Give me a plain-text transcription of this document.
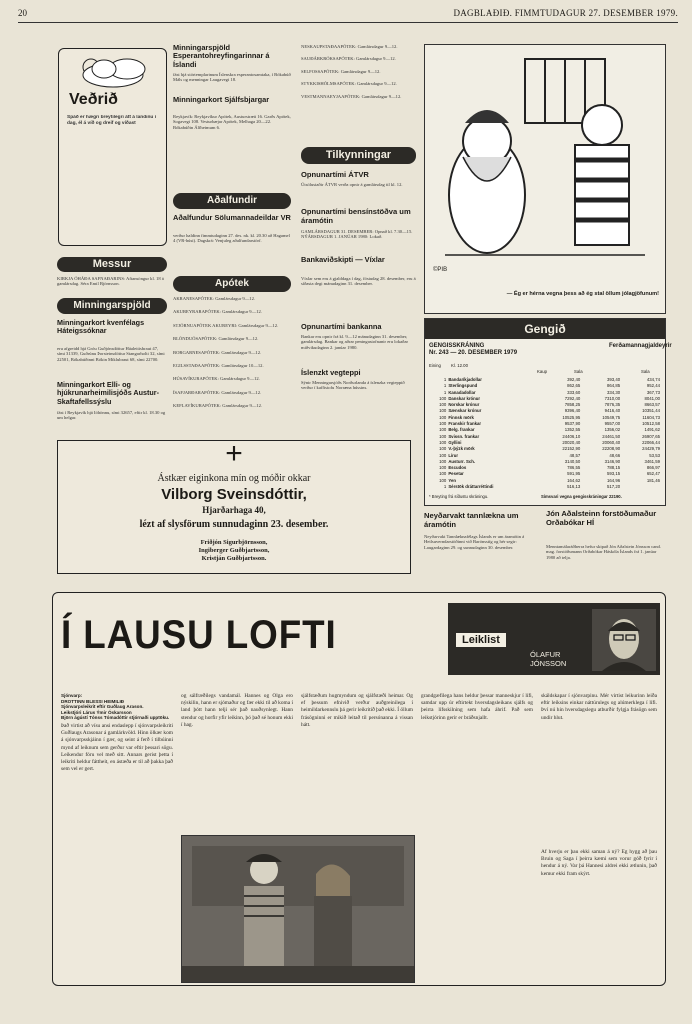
20	DAGBLAÐIÐ. FIMMTUDAGUR 27. DESEMBER 1979.
Veðrið
Spáð er hægri breytilegri átt á landinu í dag, él á víð og dreif og víðast
Messur
KIRKJA ÓHÁÐA SAFNAÐARINS: Aftansöngur kl. 18 á gamlársdag. Séra Emil Björnsson.
Minningarspjöld
Minningarkort kvenfélags Háteigssóknar
eru afgreidd hjá Gróu Guðjónsdóttur Háaleitisbraut 47, sími 31339, Guðrúnu Þorsteinsdóttur Stangarholti 32, sími 22501, Bókabúðinni Bókin Miklubraut 68, sími 22700.
Minningarkort Elli- og hjúkrunarheimilisjóðs Austur-Skaftafellssýslu
fást í Reykjavík hjá Ióhönnu, sími 32657, eftir kl. 18.30 og um helgar.
Minningarspjöld Esperantohreyfingarinnar á Íslandi
fást hjá stórtemplarinum Íslenskra esperantosamtaka, í Bókabúð Máls og menningar Laugavegi 18.
Minningarkort Sjálfsbjargar
Reykjavík: Reykjavíkur Apótek, Austurstræti 16. Garðs Apótek, Sogavegi 108. Vesturbæjar Apótek, Melhaga 20—22. Bókabúðin Álfheimum 6.
Aðalfundir
Aðalfundur Sölumannadeildar VR
verður haldinn fimmtudaginn 27. des. nk. kl. 20.30 að Hagamel 4 (VR-húsi). Dagskrá: Venjuleg aðalfundarstörf.
Apótek
AKRANESAPÓTEK: Gamlársdagur 9—12.
AKUREYRARAPÓTEK: Gamlársdagur 9—12.
STJÖRNUAPÓTEK AKUREYRI: Gamlársdagur 9—12.
BLÖNDUÓSAPÓTEK: Gamlársdagur 9—12.
BORGARNESAPÓTEK: Gamlársdagur 9—12.
EGILSSTAÐAAPÓTEK: Gamlársdagur 10—12.
HÚSAVÍKURAPÓTEK: Gamlársdagur 9—12.
ÍSAFJARÐARAPÓTEK: Gamlársdagur 9—12.
KEFLAVÍKURAPÓTEK: Gamlársdagur 9—12.
+
Ástkær eiginkona mín og móðir okkar
Vilborg Sveinsdóttir,
Hjarðarhaga 40,
lézt af slysförum sunnudaginn 23. desember.
Friðjón Sigurbjörnsson,
Ingiberger Guðbjartsson,
Kristján Guðbjartsson.
NESKAUPSTAÐAAPÓTEK: Gamlársdagur 9—12.
SAUÐÁRKRÓKSAPÓTEK: Gamlársdagur 9—12.
SELFOSSAPÓTEK: Gamlársdagur 9—12.
STYKKISHÓLMSAPÓTEK: Gamlársdagur 9—12.
VESTMANNAEYJAAPÓTEK: Gamlársdagur 9—12.
Tilkynningar
Opnunartími ÁTVR
Útsölustaðir ÁTVR verða opnir á gamlársdag til kl. 12.
Opnunartími bensínstöðva um áramótin
GAMLÁRSDAGUR 31. DESEMBER: Opnað kl. 7.30—15. NÝÁRSDAGUR 1. JANÚAR 1980: Lokað.
Bankaviðskipti — Víxlar
Víxlar sem eru á gjalddaga í dag, föstudag 28. desember, eru á síðasta degi mánudaginn 31. desember.
Opnunartími bankanna
Bankar eru opnir frá kl. 9—12 mánudaginn 31. desember, gamlársdag. Bankar og aðrar peningastofnanir eru lokaðar miðvikudaginn 2. janúar 1980.
Íslenzkt vegteppi
Sýnir Menningarsjóðs Norðurlanda á íslenzka vegteppið verður í kaffistofu Norræna hússins.
©PIB
— Ég er hérna vegna þess að ég stal öllum jólagjöfunum!
Gengið
GENGISSKRÁNING
Nr. 243 — 20. DESEMBER 1979
Ferðamannagjaldeyrir
Eining Kl. 12.00
Kaup	Sala	Sala
1	Bandaríkjadollar	392,40	393,40	434,74
1	Sterlingspund	862,65	864,85	952,44
1	Kanadadollar	333,60	334,30	367,73
100	Danskar krónur	7292,40	7310,00	8041,00
100	Norskar krónur	7858,25	7876,35	8663,57
100	Sænskar krónur	9396,40	9416,40	10351,44
100	Finnsk mörk	10525,95	10549,75	11604,73
100	Franskir frankar	9537,90	9557,00	10512,58
100	Belg. frankar	1352,55	1356,02	1491,62
100	Svissn. frankar	24406,10	24461,50	26907,65
100	Gyllini	20020,40	20060,40	22066,44
100	V.-þýzk mörk	22152,90	22208,90	24429,79
100	Lírur	48,57	48,66	53,53
100	Austurr. Sch.	3140,50	3146,90	3461,59
100	Escudos	786,55	788,15	866,97
100	Pesetar	591,95	593,15	652,47
100	Yen	164,62	164,96	181,46
1	Sérstök dráttarréttindi	516,13	517,20	
* Breyting frá síðustu skráningu.	Símsvari vegna gengisskráningar 22190.
Neyðarvakt tannlækna um áramótin
Neyðarvakt Tannlæknafélags Íslands er um áramótin á Heilsuverndarstöðinni við Barónsstíg og hér segir: Laugardaginn 29. og sunnudaginn 30. desember.
Jón Aðalsteinn forstöðumaður Orðabókar HÍ
Menntamálaráðherra hefur skipað Jón Aðalstein Jónsson cand. mag. forstöðumann Orðabókar Háskóla Íslands frá 1. janúar 1980 að telja.
Í LAUSU LOFTI	Leiklist
ÓLAFUR
JÓNSSON
Sjónvarp:
DROTTINN BLESSI HEIMILIÐ
Sjónvarpsleikrit eftir Guðlaug Arason.
Leikstjóri Lárus Ýmir Óskarsson
Björn ágústí Tónss Tómadóttir stjórnaði upptöku.
Það virtist að vísu ansi endaslepp í sjónvarpsleikriti Guðlaugs Arasonar á gamlárkvöld. Hinn ölkær kom á sjónvarpsskjáinn í gær, og seint á ferð í tilbúinni mynd af leiknum sem gerður var eftir þessari sögu. Leikendur fóru vel með sitt. Annars gerist þetta í leikriti heldur fáttheit, en ástæða er til að þakka það sem vel er gert.
og sálfræðilegs vandamál. Hannes og Olga ero nýskilin, hann er sjómaður og fær ekki til að koma í land þótt hann telji sér það nauðsynlegt. Hann stendur og horfir yfir leikinn, þó það sé honum ekki í hag.
sjálfstæðum hugmyndum og sjálfstæði heimar. Og ef þessum efnivið verður auðgreinilega í heimildarkennslu þá gerir leikritið það ekki. Í öllum frásögninni er mikið leitað til persónanna á vissan hátt.
grandgæfilega hans heldur þessar manneskjur í lífi, samdar upp úr eftirtekt hversdagsleikans sjálfs og þeirra lífsskilning sem hafa áhrif. Pað sem leikstjórinn gerir er bráðsnjallt.
skáldskapar í sjónvarpinu. Mér virtist leikurinn leiða eftir leiksins einkar náttúrulegs og alúmerklega í lífi. Því nú hin hversdagslegu atburðir fylgja frásögn sem undir hlut.
Af hverju er þau ekki saman á ný? Ég hygg að þau Bruin og Saga í þeirra kæmi sem vorur góð fyrir í hendur á ný. Var þá Hannesi aldrei ekki ætlunin, það kemur ekki fram skýrt.
